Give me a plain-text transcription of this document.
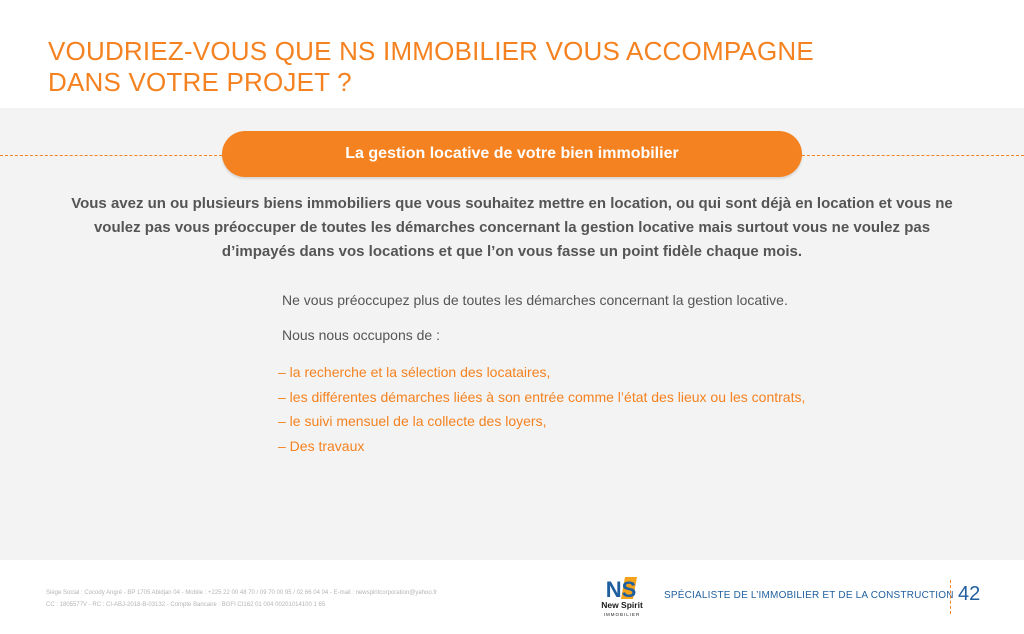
VOUDRIEZ-VOUS QUE NS IMMOBILIER VOUS ACCOMPAGNE
DANS VOTRE PROJET ?
La gestion locative de votre bien immobilier

Vous avez un ou plusieurs biens immobiliers que vous souhaitez mettre en location, ou qui sont déjà en location et vous ne
voulez pas vous préoccuper de toutes les démarches concernant la gestion locative mais surtout vous ne voulez pas
d’impayés dans vos locations et que l’on vous fasse un point fidèle chaque mois.

Ne vous préoccupez plus de toutes les démarches concernant la gestion locative.

Nous nous occupons de :

– la recherche et la sélection des locataires,
– les différentes démarches liées à son entrée comme l’état des lieux ou les contrats,
– le suivi mensuel de la collecte des loyers,
– Des travaux
Siège Social : Cocody Angré - BP 1705 Abidjan 04 - Mobile : +225 22 00 48 70 / 09 70 00 95 / 02 66 04 04 - E-mail : newspiritcorporation@yahoo.fr
CC : 1805577V - RC : CI-ABJ-2018-B-03132 - Compte Bancaire : BGFI CI162 01 004 00201014100 1 65
NS
New Spirit
IMMOBILIER
SPÉCIALISTE DE L’IMMOBILIER ET DE LA CONSTRUCTION 42
